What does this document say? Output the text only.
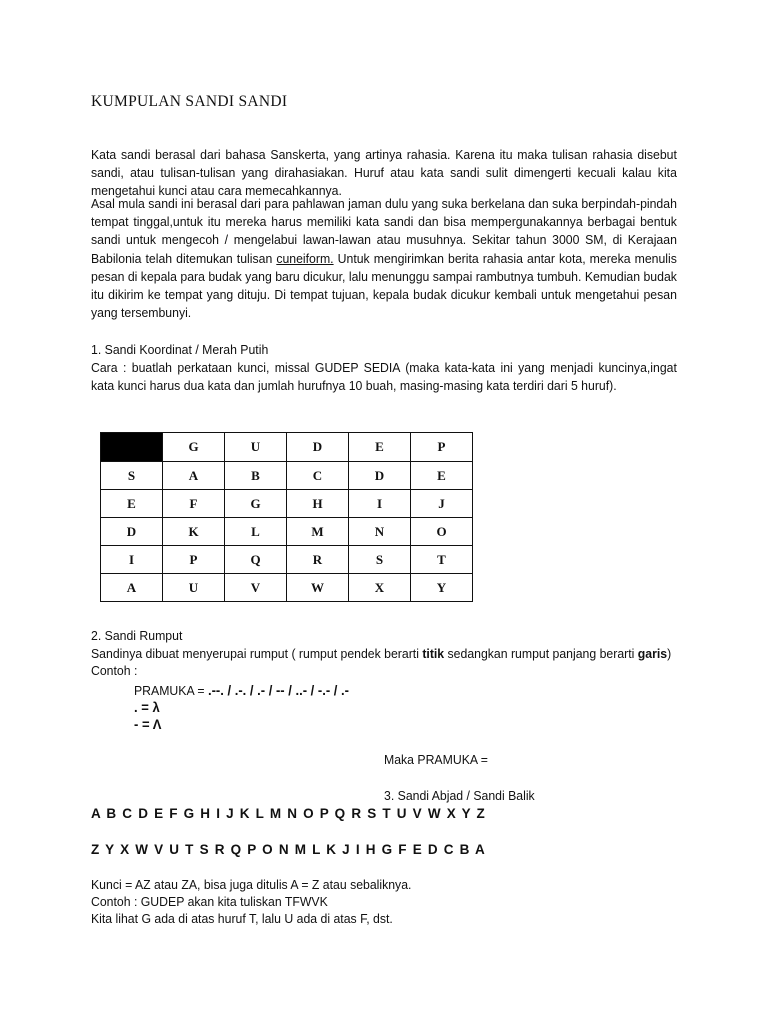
KUMPULAN SANDI SANDI
Kata sandi berasal dari bahasa Sanskerta, yang artinya rahasia. Karena itu maka tulisan rahasia disebut sandi, atau tulisan-tulisan yang dirahasiakan. Huruf atau kata sandi sulit dimengerti kecuali kalau kita mengetahui kunci atau cara memecahkannya.
Asal mula sandi ini berasal dari para pahlawan jaman dulu yang suka berkelana dan suka berpindah-pindah tempat tinggal,untuk itu mereka harus memiliki kata sandi dan bisa mempergunakannya berbagai bentuk sandi untuk mengecoh / mengelabui lawan-lawan atau musuhnya. Sekitar tahun 3000 SM, di Kerajaan Babilonia telah ditemukan tulisan cuneiform. Untuk mengirimkan berita rahasia antar kota, mereka menulis pesan di kepala para budak yang baru dicukur, lalu menunggu sampai rambutnya tumbuh. Kemudian budak itu dikirim ke tempat yang dituju. Di tempat tujuan, kepala budak dicukur kembali untuk mengetahui pesan yang tersembunyi.
1. Sandi Koordinat / Merah Putih
Cara : buatlah perkataan kunci, missal GUDEP SEDIA (maka kata-kata ini yang menjadi kuncinya,ingat kata kunci harus dua kata dan jumlah hurufnya 10 buah, masing-masing kata terdiri dari 5 huruf).
	G	U	D	E	P
S	A	B	C	D	E
E	F	G	H	I	J
D	K	L	M	N	O
I	P	Q	R	S	T
A	U	V	W	X	Y
2. Sandi Rumput
Sandinya dibuat menyerupai rumput ( rumput pendek berarti titik sedangkan rumput panjang berarti garis)
Contoh :
PRAMUKA = .--. / .-. / .- / -- / ..- / -.- / .-
. = λ
- = Λ
Maka PRAMUKA =
3. Sandi Abjad / Sandi Balik
A B C D E F G H I J K L M N O P Q R S T U V W X Y Z
Z Y X W V U T S R Q P O N M L K J I H G F E D C B A
Kunci = AZ atau ZA, bisa juga ditulis A = Z atau sebaliknya.
Contoh : GUDEP akan kita tuliskan TFWVK
Kita lihat G ada di atas huruf T, lalu U ada di atas F, dst.
